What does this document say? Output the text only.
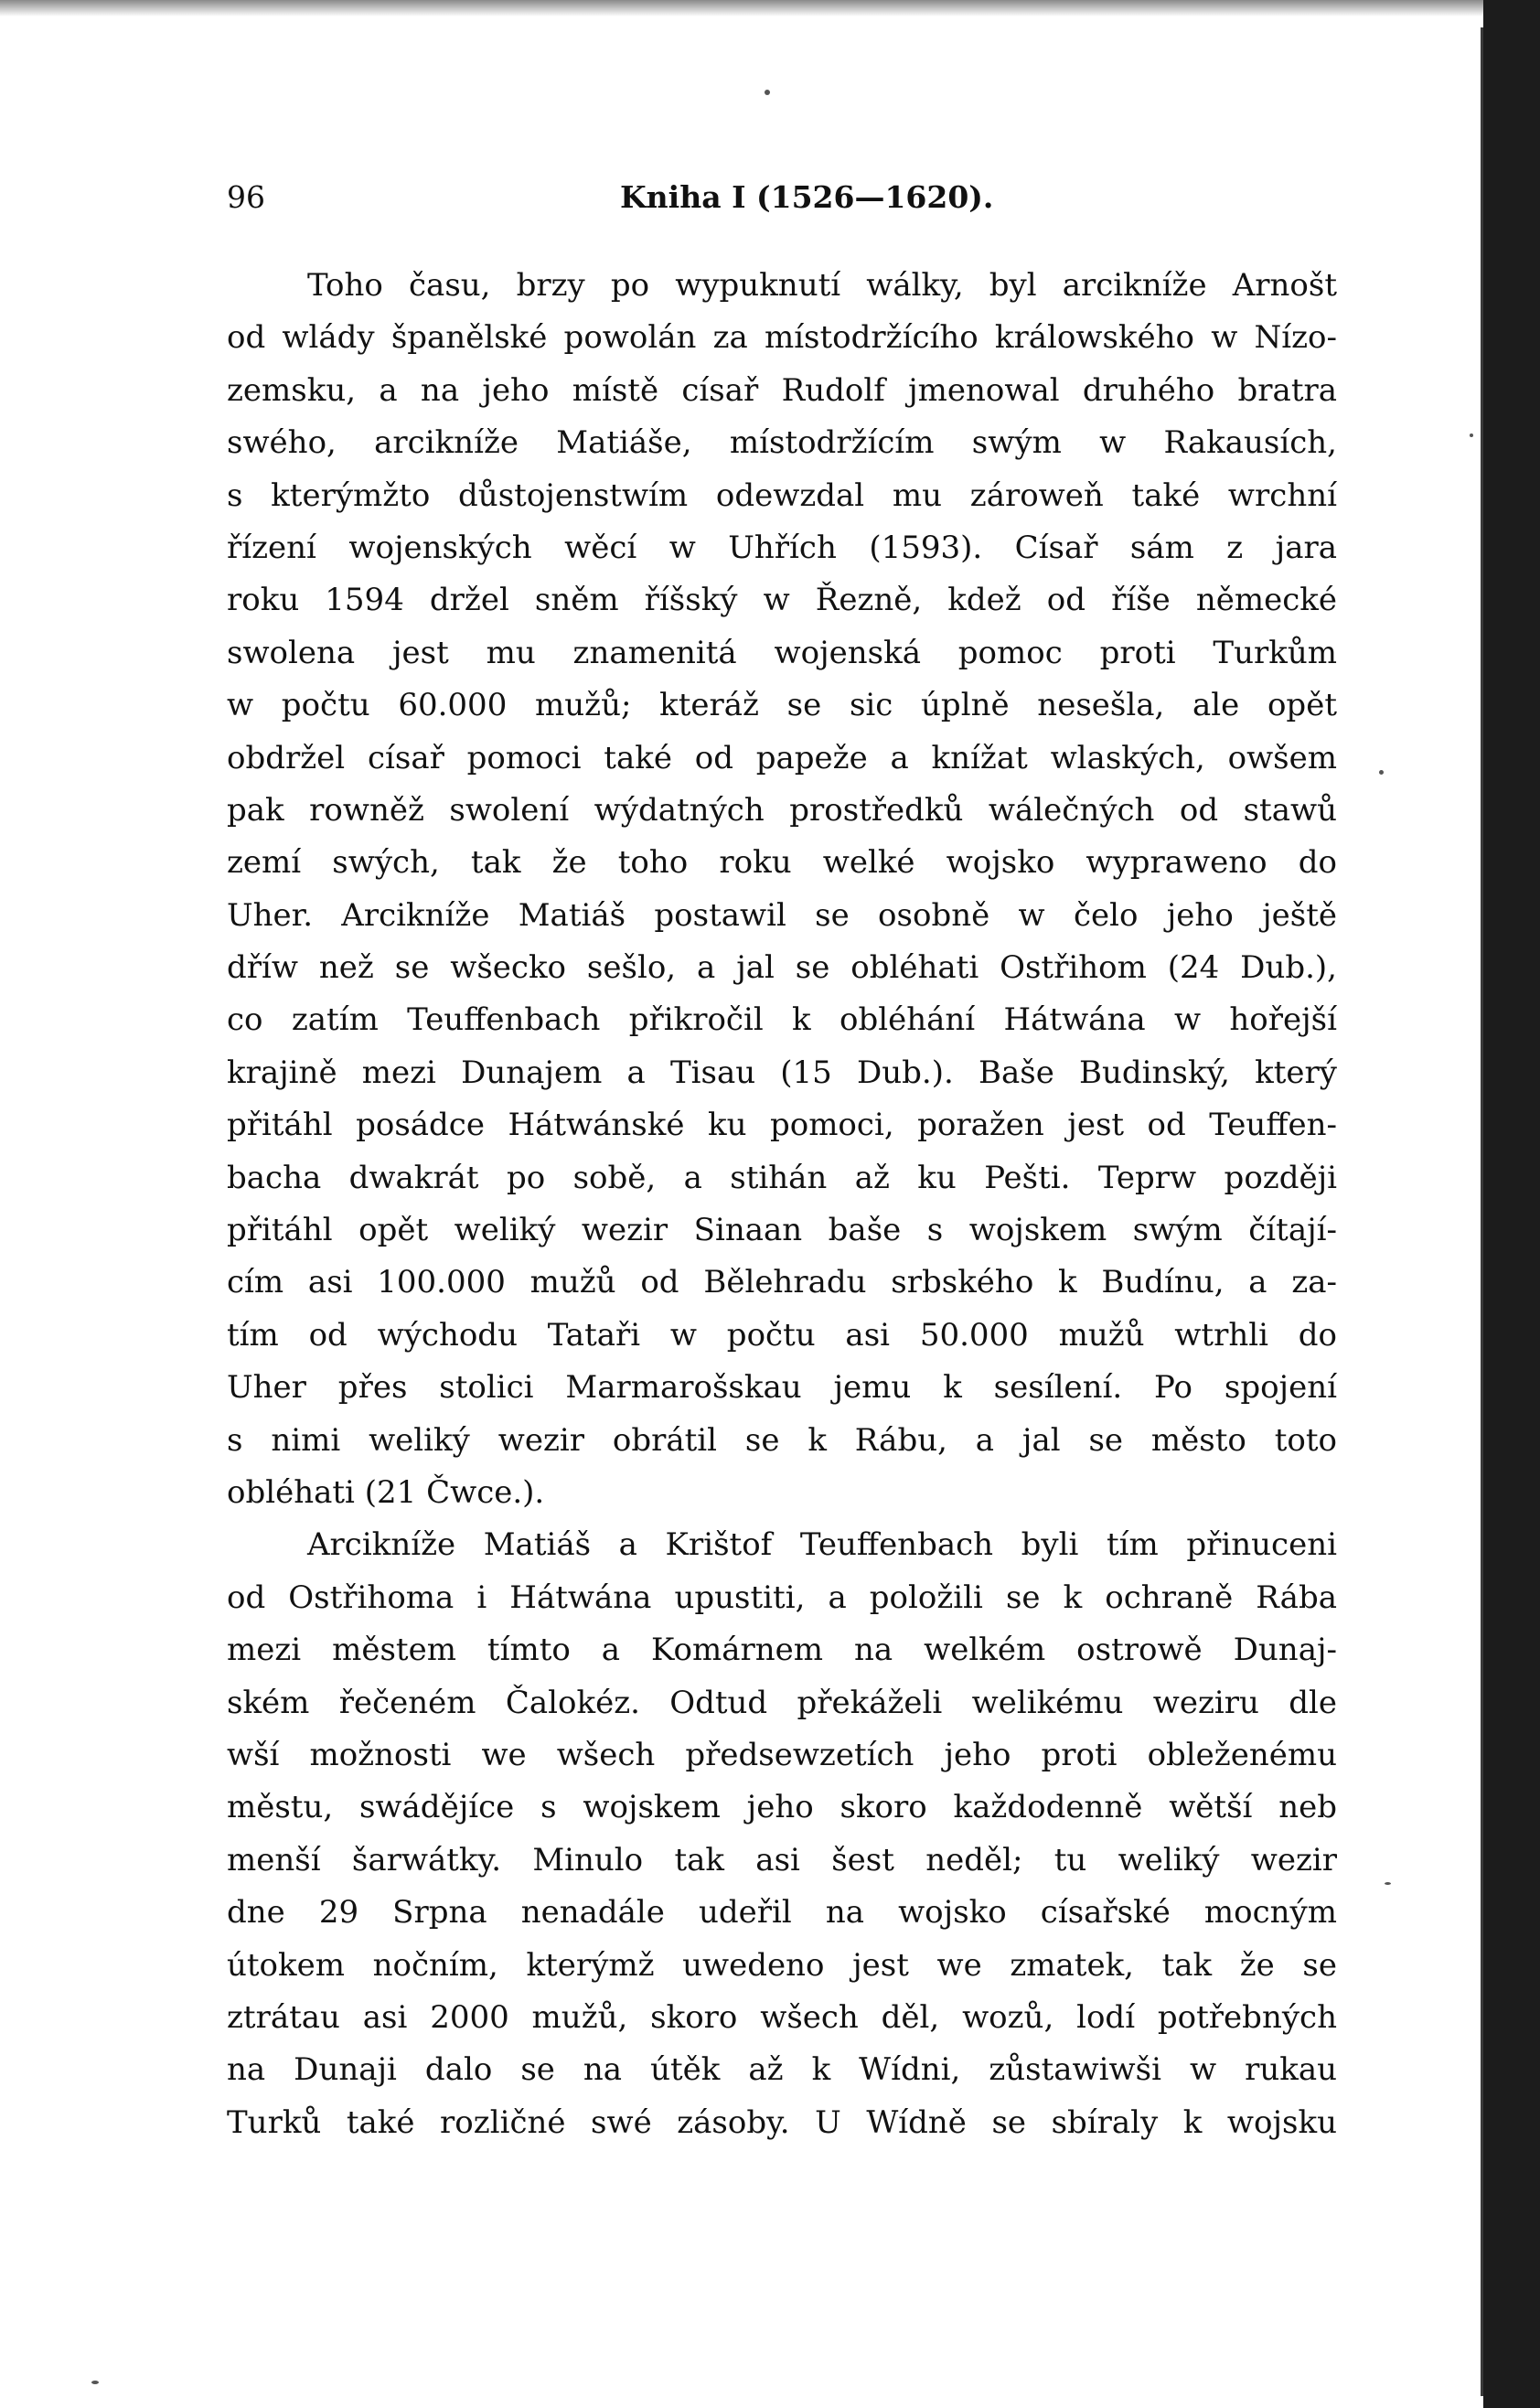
96	Kniha I (1526—1620).
Toho času, brzy po wypuknutí wálky, byl arcikníže Arnošt
od wlády španělské powolán za místodržícího králowského w Nízo-
zemsku, a na jeho místě císař Rudolf jmenowal druhého bratra
swého, arcikníže Matiáše, místodržícím swým w Rakausích,
s kterýmžto důstojenstwím odewzdal mu zároweň také wrchní
řízení wojenských wěcí w Uhřích (1593). Císař sám z jara
roku 1594 držel sněm říšský w Řezně, kdež od říše německé
swolena jest mu znamenitá wojenská pomoc proti Turkům
w počtu 60.000 mužů; kteráž se sic úplně nesešla, ale opět
obdržel císař pomoci také od papeže a knížat wlaských, owšem
pak rowněž swolení wýdatných prostředků wálečných od stawů
zemí swých, tak že toho roku welké wojsko wypraweno do
Uher. Arcikníže Matiáš postawil se osobně w čelo jeho ještě
dříw než se wšecko sešlo, a jal se obléhati Ostřihom (24 Dub.),
co zatím Teuffenbach přikročil k obléhání Hátwána w hořejší
krajině mezi Dunajem a Tisau (15 Dub.). Baše Budinský, který
přitáhl posádce Hátwánské ku pomoci, poražen jest od Teuffen-
bacha dwakrát po sobě, a stihán až ku Pešti. Teprw později
přitáhl opět weliký wezir Sinaan baše s wojskem swým čítají-
cím asi 100.000 mužů od Bělehradu srbského k Budínu, a za-
tím od wýchodu Tataři w počtu asi 50.000 mužů wtrhli do
Uher přes stolici Marmarošskau jemu k sesílení. Po spojení
s nimi weliký wezir obrátil se k Rábu, a jal se město toto
obléhati (21 Čwce.).
Arcikníže Matiáš a Krištof Teuffenbach byli tím přinuceni
od Ostřihoma i Hátwána upustiti, a položili se k ochraně Rába
mezi městem tímto a Komárnem na welkém ostrowě Dunaj-
ském řečeném Čalokéz. Odtud překáželi welikému weziru dle
wší možnosti we wšech předsewzetích jeho proti obleženému
městu, swádějíce s wojskem jeho skoro každodenně wětší neb
menší šarwátky. Minulo tak asi šest neděl; tu weliký wezir
dne 29 Srpna nenadále udeřil na wojsko císařské mocným
útokem nočním, kterýmž uwedeno jest we zmatek, tak že se
ztrátau asi 2000 mužů, skoro wšech děl, wozů, lodí potřebných
na Dunaji dalo se na útěk až k Wídni, zůstawiwši w rukau
Turků také rozličné swé zásoby. U Wídně se sbíraly k wojsku
